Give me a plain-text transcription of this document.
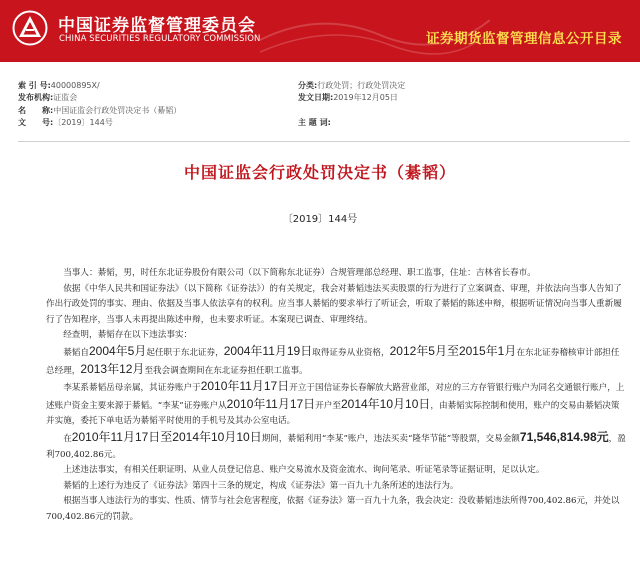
中国证券监督管理委员会
CHINA SECURITIES REGULATORY COMMISSION	证券期货监督管理信息公开目录
索 引 号:40000895X/	分类:行政处罚；行政处罚决定
发布机构:证监会	发文日期:2019年12月05日
名　　称:中国证监会行政处罚决定书（綦韬）
文　　号:〔2019〕144号	主 题 词:
中国证监会行政处罚决定书（綦韬）
〔2019〕144号

当事人：綦韬，男，时任东北证券股份有限公司（以下简称东北证券）合规管理部总经理、职工监事，住址：吉林省长春市。

依据《中华人民共和国证券法》（以下简称《证券法》）的有关规定，我会对綦韬违法买卖股票的行为进行了立案调查、审理，并依法向当事人告知了作出行政处罚的事实、理由、依据及当事人依法享有的权利。应当事人綦韬的要求举行了听证会，听取了綦韬的陈述申辩，根据听证情况向当事人重新履行了告知程序，当事人未再提出陈述申辩，也未要求听证。本案现已调查、审理终结。

经查明，綦韬存在以下违法事实：

綦韬自2004年5月起任职于东北证券，2004年11月19日取得证券从业资格，2012年5月至2015年1月在东北证券稽核审计部担任总经理，2013年12月至我会调查期间在东北证券担任职工监事。

李某系綦韬岳母亲属，其证券账户于2010年11月17日开立于国信证券长春解放大路营业部，对应的三方存管银行账户为同名交通银行账户，上述账户资金主要来源于綦韬。“李某”证券账户从2010年11月17日开户至2014年10月10日，由綦韬实际控制和使用，账户的交易由綦韬决策并实施，委托下单电话为綦韬平时使用的手机号及其办公室电话。

在2010年11月17日至2014年10月10日期间，綦韬利用“李某”账户，违法买卖“隆华节能”等股票，交易金额71,546,814.98元，盈利700,402.86元。

上述违法事实，有相关任职证明、从业人员登记信息、账户交易流水及资金流水、询问笔录、听证笔录等证据证明，足以认定。

綦韬的上述行为违反了《证券法》第四十三条的规定，构成《证券法》第一百九十九条所述的违法行为。

根据当事人违法行为的事实、性质、情节与社会危害程度，依据《证券法》第一百九十九条，我会决定：没收綦韬违法所得700,402.86元，并处以700,402.86元的罚款。
